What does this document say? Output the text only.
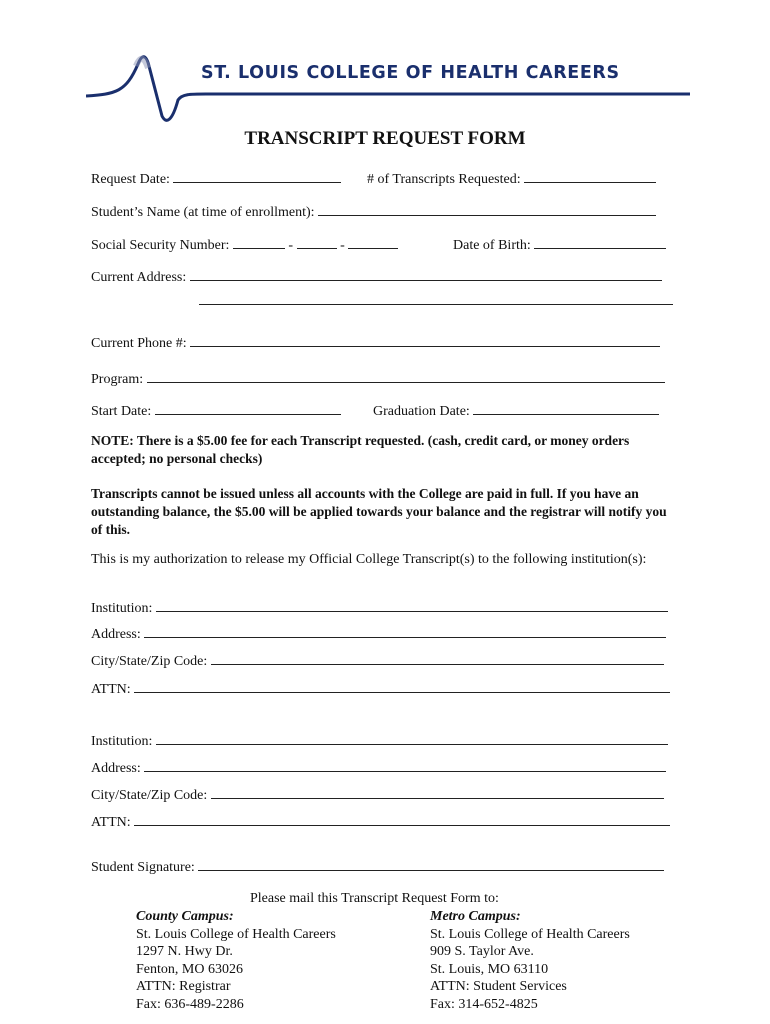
ST. LOUIS COLLEGE OF HEALTH CAREERS
TRANSCRIPT REQUEST FORM
Request Date:	# of Transcripts Requested:
Student’s Name (at time of enrollment):
Social Security Number:	-	-	Date of Birth:
Current Address:
Current Phone #:
Program:
Start Date:	Graduation Date:
NOTE: There is a $5.00 fee for each Transcript requested. (cash, credit card, or money orders accepted; no personal checks)
Transcripts cannot be issued unless all accounts with the College are paid in full. If you have an outstanding balance, the $5.00 will be applied towards your balance and the registrar will notify you of this.
This is my authorization to release my Official College Transcript(s) to the following institution(s):
Institution:
Address:
City/State/Zip Code:
ATTN:
Institution:
Address:
City/State/Zip Code:
ATTN:
Student Signature:
Please mail this Transcript Request Form to:
County Campus:
St. Louis College of Health Careers
1297 N. Hwy Dr.
Fenton, MO 63026
ATTN: Registrar
Fax: 636-489-2286
Metro Campus:
St. Louis College of Health Careers
909 S. Taylor Ave.
St. Louis, MO 63110
ATTN: Student Services
Fax: 314-652-4825
